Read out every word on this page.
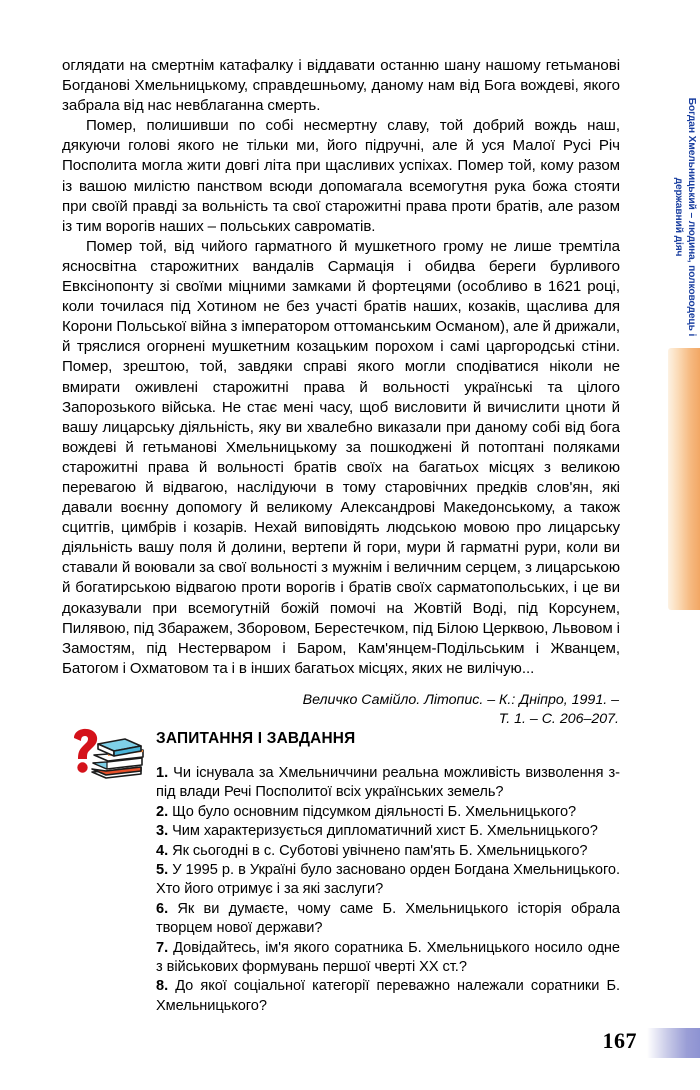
оглядати на смертнім катафалку і віддавати останню шану нашому гетьманові Богданові Хмельницькому, справдешньому, даному нам від Бога вождеві, якого забрала від нас невблаганна смерть.

Помер, полишивши по собі несмертну славу, той добрий вождь наш, дякуючи голові якого не тільки ми, його підручні, але й уся Малої Русі Річ Посполита могла жити довгі літа при щасливих успіхах. Помер той, кому разом із вашою милістю панством всюди допомагала всемогутня рука божа стояти при своїй правді за вольність та свої старожитні права проти братів, але разом із тим ворогів наших – польських савроматів.

Помер той, від чийого гарматного й мушкетного грому не лише тремтіла ясносвітна старожитних вандалів Сармація і обидва береги бурливого Евксінопонту зі своїми міцними замками й фортецями (особливо в 1621 році, коли точилася під Хотином не без участі братів наших, козаків, щаслива для Корони Польської війна з імператором оттоманським Османом), але й дрижали, й тряслися огорнені мушкетним козацьким порохом і самі царгородські стіни. Помер, зрештою, той, завдяки справі якого могли сподіватися ніколи не вмирати оживлені старожитні права й вольності українські та цілого Запорозького війська. Не стає мені часу, щоб висловити й вичислити цноти й вашу лицарську діяльність, яку ви хвалебно виказали при даному собі від бога вождеві й гетьманові Хмельницькому за пошкоджені й потоптані поляками старожитні права й вольності братів своїх на багатьох місцях з великою перевагою й відвагою, наслідуючи в тому старовічних предків слов'ян, які давали воєнну допомогу й великому Александрові Македонському, а також сцитгів, цимбрів і козарів. Нехай виповідять людською мовою про лицарську діяльність вашу поля й долини, вертепи й гори, мури й гарматні рури, коли ви ставали й воювали за свої вольності з мужнім і величним серцем, з лицарською й богатирською відвагою проти ворогів і братів своїх сарматопольських, і це ви доказували при всемогутній божій помочі на Жовтій Воді, під Корсунем, Пилявою, під Збаражем, Зборовом, Берестечком, під Білою Церквою, Львовом і Замостям, під Нестерваром і Баром, Кам'янцем-Подільським і Жванцем, Батогом і Охматовом та і в інших багатьох місцях, яких не вилічую...

Величко Самійло. Літопис. – К.: Дніпро, 1991. –
Т. 1. – С. 206–207.
ЗАПИТАННЯ І ЗАВДАННЯ

1. Чи існувала за Хмельниччини реальна можливість визволення з-під влади Речі Посполитої всіх українських земель?

2. Що було основним підсумком діяльності Б. Хмельницького?

3. Чим характеризується дипломатичний хист Б. Хмельницького?

4. Як сьогодні в с. Суботові увічнено пам'ять Б. Хмельницького?

5. У 1995 р. в Україні було засновано орден Богдана Хмельницького. Хто його отримує і за які заслуги?

6. Як ви думаєте, чому саме Б. Хмельницького історія обрала творцем нової держави?

7. Довідайтесь, ім'я якого соратника Б. Хмельницького носило одне з військових формувань першої чверті ХХ ст.?

8. До якої соціальної категорії переважно належали соратники Б. Хмельницького?

Богдан Хмельницький – людина, полководець і державний діяч
167
